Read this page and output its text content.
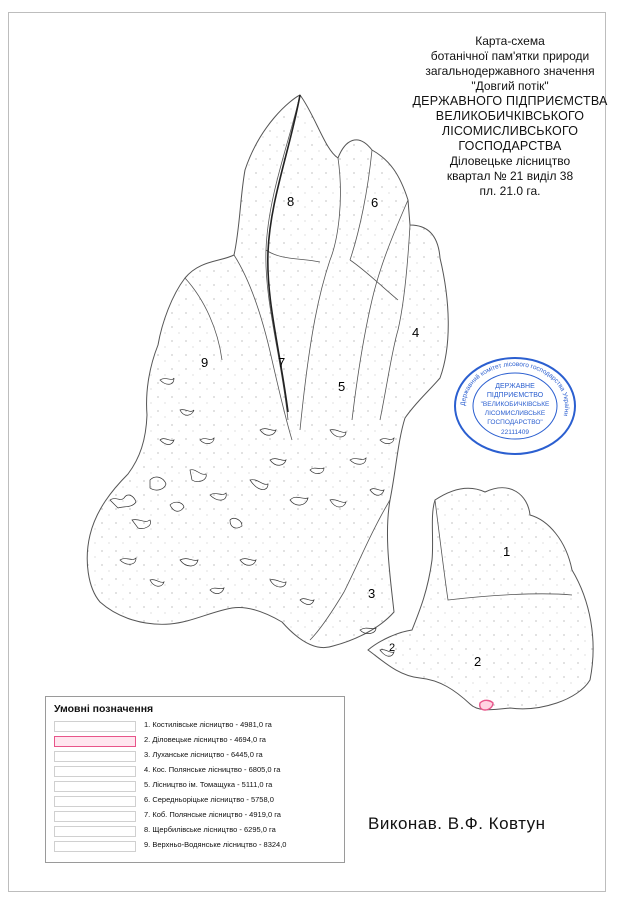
Карта-схема
ботанічної пам'ятки природи
загальнодержавного значення
"Довгий потік"
ДЕРЖАВНОГО ПІДПРИЄМСТВА
ВЕЛИКОБИЧКІВСЬКОГО
ЛІСОМИСЛИВСЬКОГО
ГОСПОДАРСТВА
Діловецьке лісництво
квартал № 21 виділ 38
пл. 21.0 га.
1
2
2
3
4
5
6
7
8
9
Державний комітет лісового господарства України
ДЕРЖАВНЕ
ПІДПРИЄМСТВО
"ВЕЛИКОБИЧКІВСЬКЕ
ЛІСОМИСЛИВСЬКЕ
ГОСПОДАРСТВО"
22111409
Умовні позначення
1. Костилівське лісництво - 4981,0 га
2. Діловецьке лісництво - 4694,0 га
3. Луханське лісництво - 6445,0 га
4. Кос. Полянське лісництво - 6805,0 га
5. Лісництво ім. Томащука - 5111,0 га
6. Середньоріцьке лісництво - 5758,0
7. Коб. Полянське лісництво - 4919,0 га
8. Щербилівське лісництво - 6295,0 га
9. Верхньо-Водянське лісництво - 8324,0
Виконав. В.Ф. Ковтун
